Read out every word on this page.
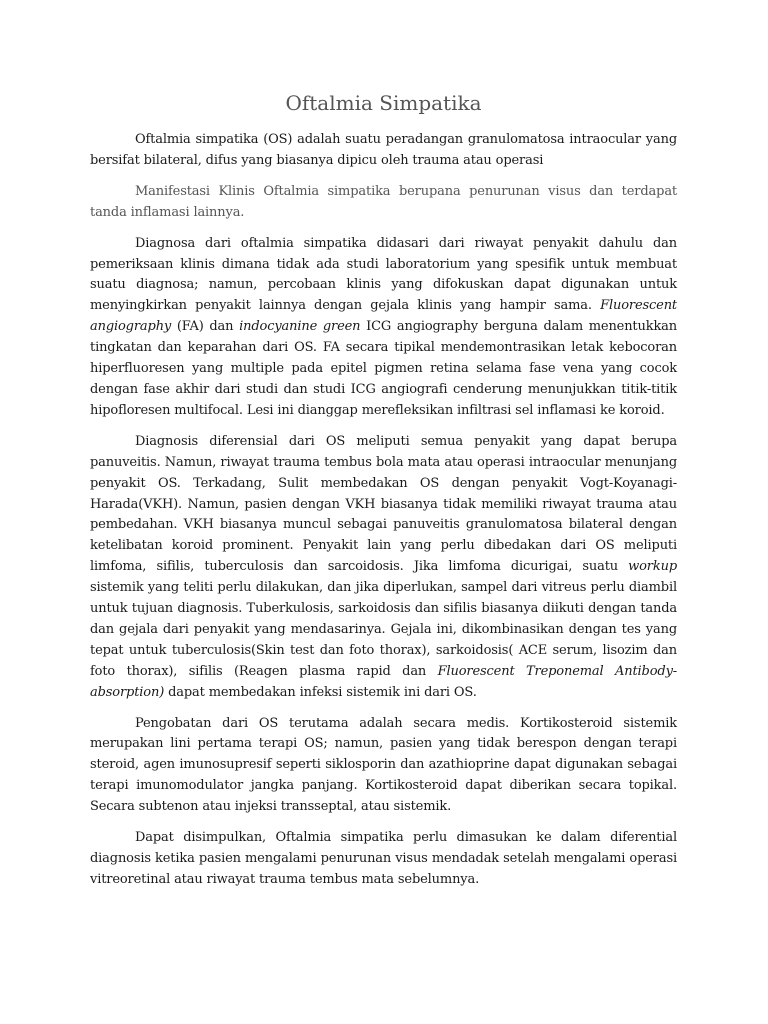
Oftalmia Simpatika

Oftalmia simpatika (OS) adalah suatu peradangan granulomatosa intraocular yang bersifat bilateral, difus yang biasanya dipicu oleh trauma atau operasi

Manifestasi Klinis Oftalmia simpatika berupana penurunan visus dan terdapat tanda inflamasi lainnya.

Diagnosa dari oftalmia simpatika didasari dari riwayat penyakit dahulu dan pemeriksaan klinis dimana tidak ada studi laboratorium yang spesifik untuk membuat suatu diagnosa; namun, percobaan klinis yang difokuskan dapat digunakan untuk menyingkirkan penyakit lainnya dengan gejala klinis yang hampir sama. Fluorescent angiography (FA) dan indocyanine green ICG angiography berguna dalam menentukkan tingkatan dan keparahan dari OS. FA secara tipikal mendemontrasikan letak kebocoran hiperfluoresen yang multiple pada epitel pigmen retina selama fase vena yang cocok dengan fase akhir dari studi dan studi ICG angiografi cenderung menunjukkan titik-titik hipofloresen multifocal. Lesi ini dianggap merefleksikan infiltrasi sel inflamasi ke koroid.

Diagnosis diferensial dari OS meliputi semua penyakit yang dapat berupa panuveitis. Namun, riwayat trauma tembus bola mata atau operasi intraocular menunjang penyakit OS. Terkadang, Sulit membedakan OS dengan penyakit Vogt-Koyanagi-Harada(VKH). Namun, pasien dengan VKH biasanya tidak memiliki riwayat trauma atau pembedahan. VKH biasanya muncul sebagai panuveitis granulomatosa bilateral dengan ketelibatan koroid prominent. Penyakit lain yang perlu dibedakan dari OS meliputi limfoma, sifilis, tuberculosis dan sarcoidosis. Jika limfoma dicurigai, suatu workup sistemik yang teliti perlu dilakukan, dan jika diperlukan, sampel dari vitreus perlu diambil untuk tujuan diagnosis. Tuberkulosis, sarkoidosis dan sifilis biasanya diikuti dengan tanda dan gejala dari penyakit yang mendasarinya. Gejala ini, dikombinasikan dengan tes yang tepat untuk tuberculosis(Skin test dan foto thorax), sarkoidosis( ACE serum, lisozim dan foto thorax), sifilis (Reagen plasma rapid dan Fluorescent Treponemal Antibody-absorption) dapat membedakan infeksi sistemik ini dari OS.

Pengobatan dari OS terutama adalah secara medis. Kortikosteroid sistemik merupakan lini pertama terapi OS; namun, pasien yang tidak berespon dengan terapi steroid, agen imunosupresif seperti siklosporin dan azathioprine dapat digunakan sebagai terapi imunomodulator jangka panjang. Kortikosteroid dapat diberikan secara topikal. Secara subtenon atau injeksi transseptal, atau sistemik.

Dapat disimpulkan, Oftalmia simpatika perlu dimasukan ke dalam diferential diagnosis ketika pasien mengalami penurunan visus mendadak setelah mengalami operasi vitreoretinal atau riwayat trauma tembus mata sebelumnya.
